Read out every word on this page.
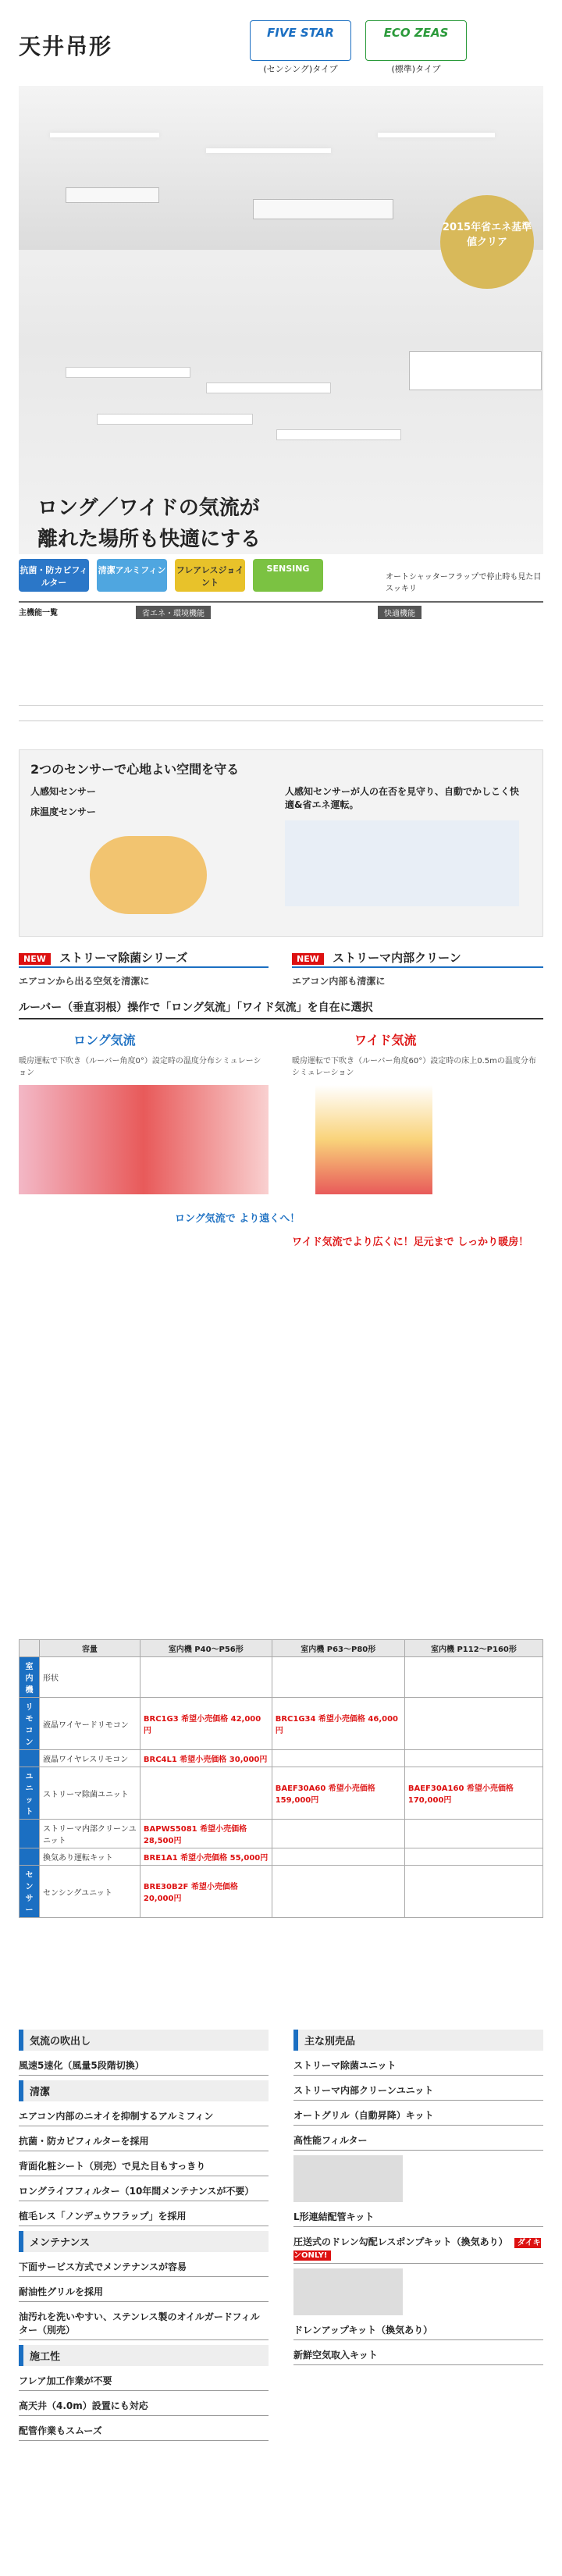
天井吊形
FIVE STAR
(センシング)タイプ
ECO ZEAS
(標準)タイプ
2015年省エネ基準値クリア
ロング／ワイドの気流が
離れた場所も快適にする
抗菌・防カビフィルター
清潔アルミフィン フレアレスジョイント
SENSING
オートシャッターフラップで停止時も見た目スッキリ
主機能一覧	省エネ・環境機能	快適機能
2つのセンサーで心地よい空間を守る
人感知センサー
床温度センサー
人感知センサーが人の在否を見守り、自動でかしこく快適&省エネ運転。
NEW ストリーマ除菌シリーズ
エアコンから出る空気を清潔に
NEW ストリーマ内部クリーン
エアコン内部も清潔に
ルーバー（垂直羽根）操作で「ロング気流」「ワイド気流」を自在に選択
ロング気流
暖房運転で下吹き（ルーバー角度0°）設定時の温度分布シミュレーション
ロング気流で より遠くへ！
ワイド気流
暖房運転で下吹き（ルーバー角度60°）設定時の床上0.5mの温度分布シミュレーション
ワイド気流でより広くに！足元まで しっかり暖房！
	容量	室内機 P40〜P56形	室内機 P63〜P80形	室内機 P112〜P160形
室内機	形状			
リモコン	液晶ワイヤードリモコン	BRC1G3 希望小売価格 42,000円	BRC1G34 希望小売価格 46,000円	
	液晶ワイヤレスリモコン	BRC4L1 希望小売価格 30,000円		
ユニット	ストリーマ除菌ユニット		BAEF30A60 希望小売価格 159,000円	BAEF30A160 希望小売価格 170,000円
	ストリーマ内部クリーンユニット	BAPWS5081 希望小売価格 28,500円		
	換気あり運転キット	BRE1A1 希望小売価格 55,000円		
センサー	センシングユニット	BRE30B2F 希望小売価格 20,000円		
気流の吹出し
風速5速化（風量5段階切換）
清潔
エアコン内部のニオイを抑制するアルミフィン
抗菌・防カビフィルターを採用
背面化粧シート（別売）で見た目もすっきり
ロングライフフィルター（10年間メンテナンスが不要）
植毛レス「ノンデュウフラップ」を採用
メンテナンス
下面サービス方式でメンテナンスが容易
耐油性グリルを採用
油汚れを洗いやすい、ステンレス製のオイルガードフィルター（別売）
施工性
フレア加工作業が不要
高天井（4.0m）設置にも対応
配管作業もスムーズ
主な別売品
ストリーマ除菌ユニット
ストリーマ内部クリーンユニット
オートグリル（自動昇降）キット
高性能フィルター
L形連結配管キット
圧送式のドレン勾配レスポンプキット（換気あり） ダイキンONLY!
ドレンアップキット（換気あり）
新鮮空気取入キット
